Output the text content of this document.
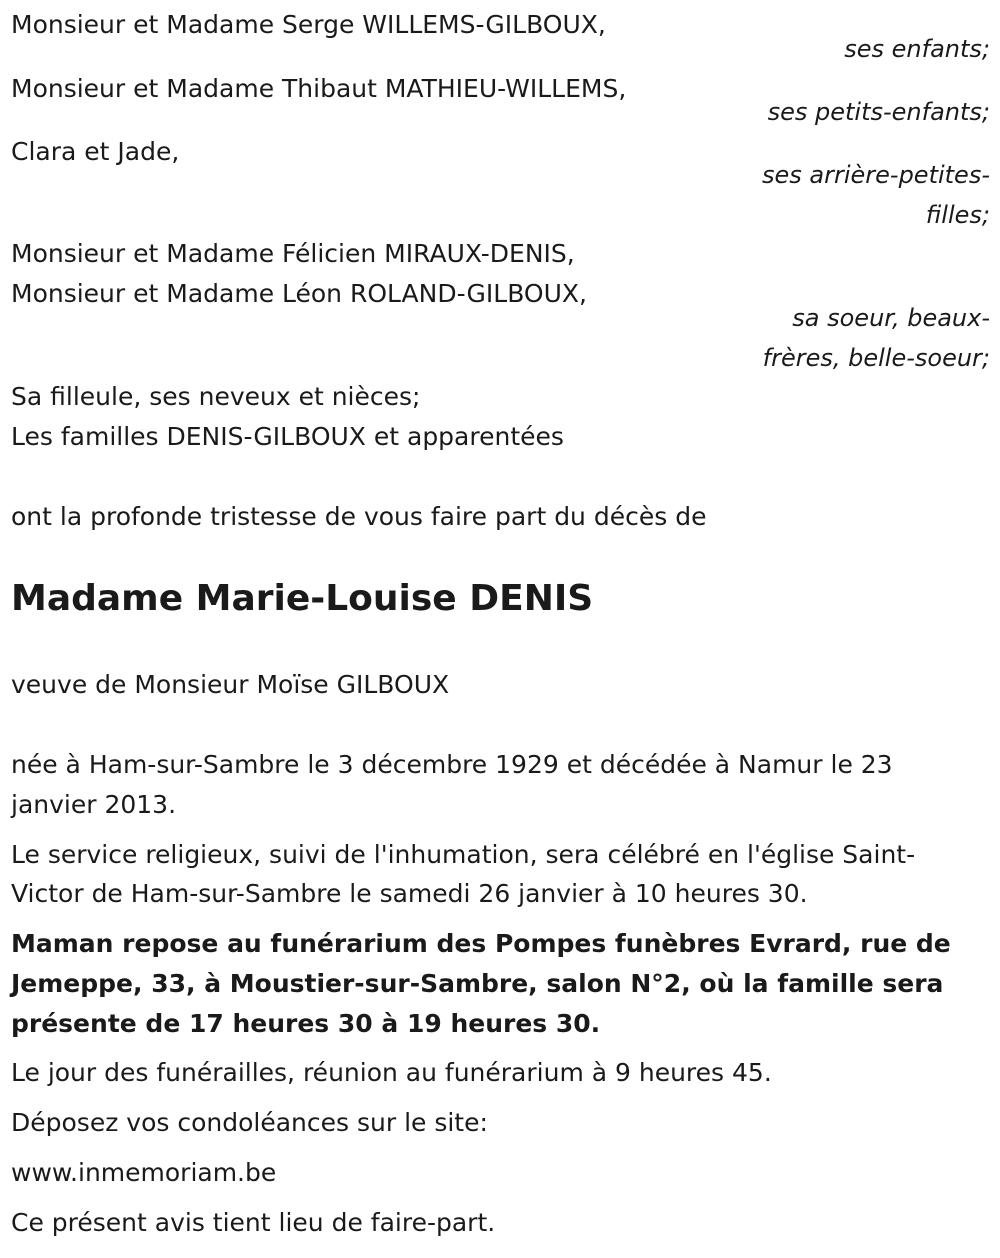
Monsieur et Madame Serge WILLEMS-GILBOUX,
ses enfants;
Monsieur et Madame Thibaut MATHIEU-WILLEMS,
ses petits-enfants;
Clara et Jade,
ses arrière-petites-
filles;
Monsieur et Madame Félicien MIRAUX-DENIS,
Monsieur et Madame Léon ROLAND-GILBOUX,
sa soeur, beaux-
frères, belle-soeur;
Sa filleule, ses neveux et nièces;
Les familles DENIS-GILBOUX et apparentées
ont la profonde tristesse de vous faire part du décès de
Madame Marie-Louise DENIS
veuve de Monsieur Moïse GILBOUX
née à Ham-sur-Sambre le 3 décembre 1929 et décédée à Namur le 23
janvier 2013.
Le service religieux, suivi de l'inhumation, sera célébré en l'église Saint-
Victor de Ham-sur-Sambre le samedi 26 janvier à 10 heures 30.
Maman repose au funérarium des Pompes funèbres Evrard, rue de
Jemeppe, 33, à Moustier-sur-Sambre, salon N°2, où la famille sera
présente de 17 heures 30 à 19 heures 30.
Le jour des funérailles, réunion au funérarium à 9 heures 45.
Déposez vos condoléances sur le site:
www.inmemoriam.be
Ce présent avis tient lieu de faire-part.
